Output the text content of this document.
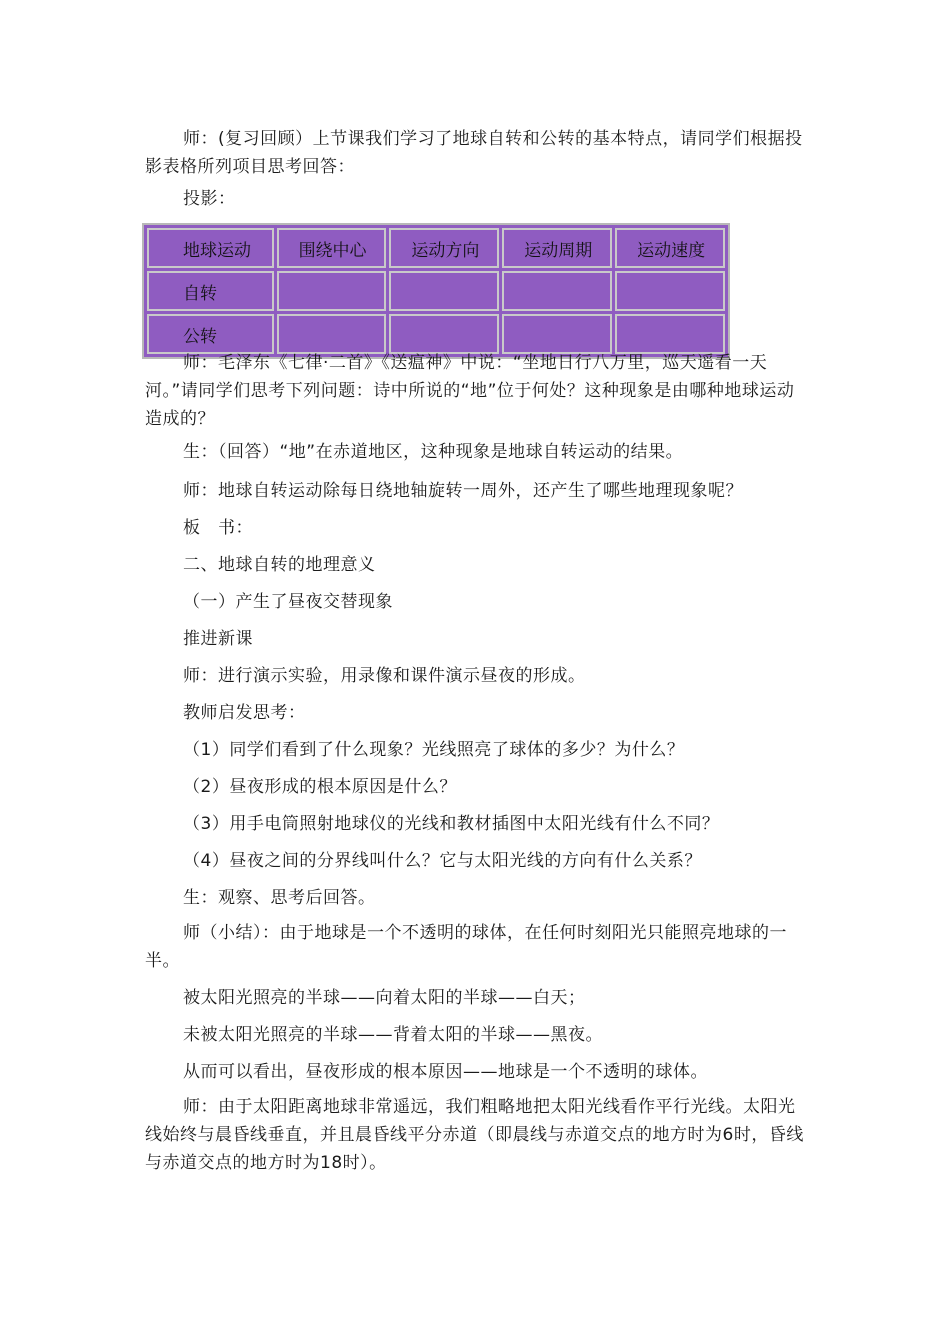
师：(复习回顾）上节课我们学习了地球自转和公转的基本特点，请同学们根据投影表格所列项目思考回答：
投影：
地球运动	围绕中心	运动方向	运动周期	运动速度
自转				
公转				
师：毛泽东《七律·二首》《送瘟神》中说：“坐地日行八万里，巡天遥看一天河。”请同学们思考下列问题：诗中所说的“地”位于何处？这种现象是由哪种地球运动造成的？
生：（回答）“地”在赤道地区，这种现象是地球自转运动的结果。
师：地球自转运动除每日绕地轴旋转一周外，还产生了哪些地理现象呢？
板　书：
二、地球自转的地理意义
（一）产生了昼夜交替现象
推进新课
师：进行演示实验，用录像和课件演示昼夜的形成。
教师启发思考：
（1）同学们看到了什么现象？光线照亮了球体的多少？为什么？
（2）昼夜形成的根本原因是什么？
（3）用手电筒照射地球仪的光线和教材插图中太阳光线有什么不同？
（4）昼夜之间的分界线叫什么？它与太阳光线的方向有什么关系？
生：观察、思考后回答。
师（小结）：由于地球是一个不透明的球体，在任何时刻阳光只能照亮地球的一半。
被太阳光照亮的半球——向着太阳的半球——白天；
未被太阳光照亮的半球——背着太阳的半球——黑夜。
从而可以看出，昼夜形成的根本原因——地球是一个不透明的球体。
师：由于太阳距离地球非常遥远，我们粗略地把太阳光线看作平行光线。太阳光线始终与晨昏线垂直，并且晨昏线平分赤道（即晨线与赤道交点的地方时为6时，昏线与赤道交点的地方时为18时）。
